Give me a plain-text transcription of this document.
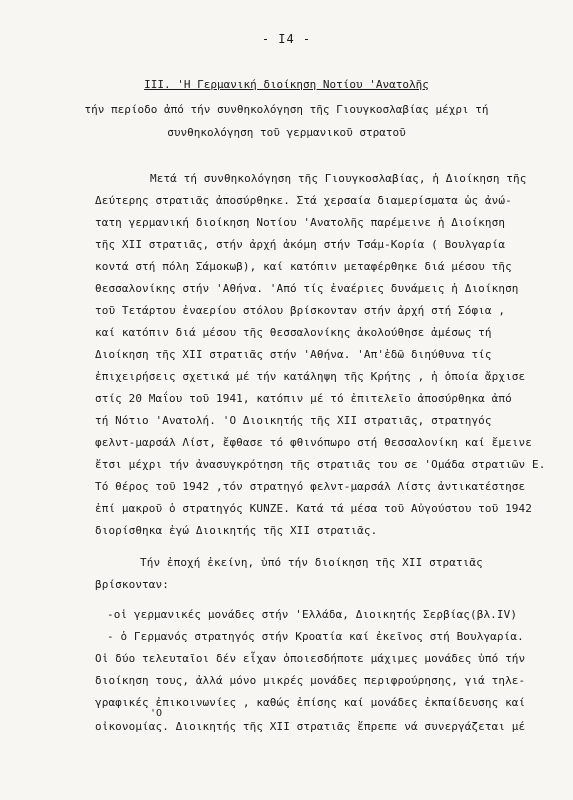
- I4 -
III. 'Η Γερμανική διοίκηση Νοτίου 'Ανατολῆς
τήν περίοδο ἀπό τήν συνθηκολόγηση τῆς Γιουγκοσλαβίας μέχρι τή
συνθηκολόγηση τοῦ γερμανικοῦ στρατοῦ
Μετά τή συνθηκολόγηση τῆς Γιουγκοσλαβίας, ἡ Διοίκηση τῆς
Δεύτερης στρατιᾶς ἀποσύρθηκε. Στά χερσαία διαμερίσματα ὡς ἀνώ-
τατη γερμανική διοίκηση Νοτίου 'Ανατολῆς παρέμεινε ἡ Διοίκηση
τῆς XII στρατιᾶς, στήν ἀρχή ἀκόμη στήν Τσάμ-Κορία ( Βουλγαρία
κοντά στή πόλη Σάμοκωβ), καί κατόπιν μεταφέρθηκε διά μέσου τῆς
θεσσαλονίκης στήν 'Αθήνα. 'Από τίς ἐναέριες δυνάμεις ἡ Διοίκηση
τοῦ Τετάρτου ἐναερίου στόλου βρίσκονταν στήν ἀρχή στή Σόφια ,
καί κατόπιν διά μέσου τῆς θεσσαλονίκης ἀκολούθησε ἀμέσως τή
Διοίκηση τῆς XII στρατιᾶς στήν 'Αθήνα. 'Απ'ἐδῶ διηύθυνα τίς
ἐπιχειρήσεις σχετικά μέ τήν κατάληψη τῆς Κρήτης , ἡ ὁποία ἄρχισε
στίς 20 Μαΐου τοῦ 1941, κατόπιν μέ τό ἐπιτελεῖο ἀποσύρθηκα ἀπό
τή Νότιο 'Ανατολή. 'Ο Διοικητής τῆς XII στρατιᾶς, στρατηγός
φελντ-μαρσάλ Λίστ, ἔφθασε τό φθινόπωρο στή θεσσαλονίκη καί ἔμεινε
ἔτσι μέχρι τήν ἀνασυγκρότηση τῆς στρατιᾶς του σε 'Ομάδα στρατιῶν Ε.
Τό θέρος τοῦ 1942 ,τόν στρατηγό φελντ-μαρσάλ Λίστς ἀντικατέστησε
ἐπί μακροῦ ὁ στρατηγός KUNZE. Κατά τά μέσα τοῦ Αὐγούστου τοῦ 1942
διορίσθηκα ἐγώ Διοικητής τῆς XII στρατιᾶς.
Τήν ἐποχή ἐκείνη, ὑπό τήν διοίκηση τῆς XII στρατιᾶς
βρίσκονταν:
-οἱ γερμανικές μονάδες στήν 'Ελλάδα, Διοικητής Σερβίας(βλ.IV)
- ὁ Γερμανός στρατηγός στήν Κροατία καί ἐκεῖνος στή Βουλγαρία.
Οἱ δύο τελευταῖοι δέν εἶχαν ὁποιεσδήποτε μάχιμες μονάδες ὑπό τήν
διοίκηση τους, ἀλλά μόνο μικρές μονάδες περιφρούρησης, γιά τηλε-
γραφικές ἐπικοινωνίες , καθώς ἐπίσης καί μονάδες ἐκπαίδευσης καί
'Ο
οἰκονομίας. Διοικητής τῆς XII στρατιᾶς ἔπρεπε νά συνεργάζεται μέ
